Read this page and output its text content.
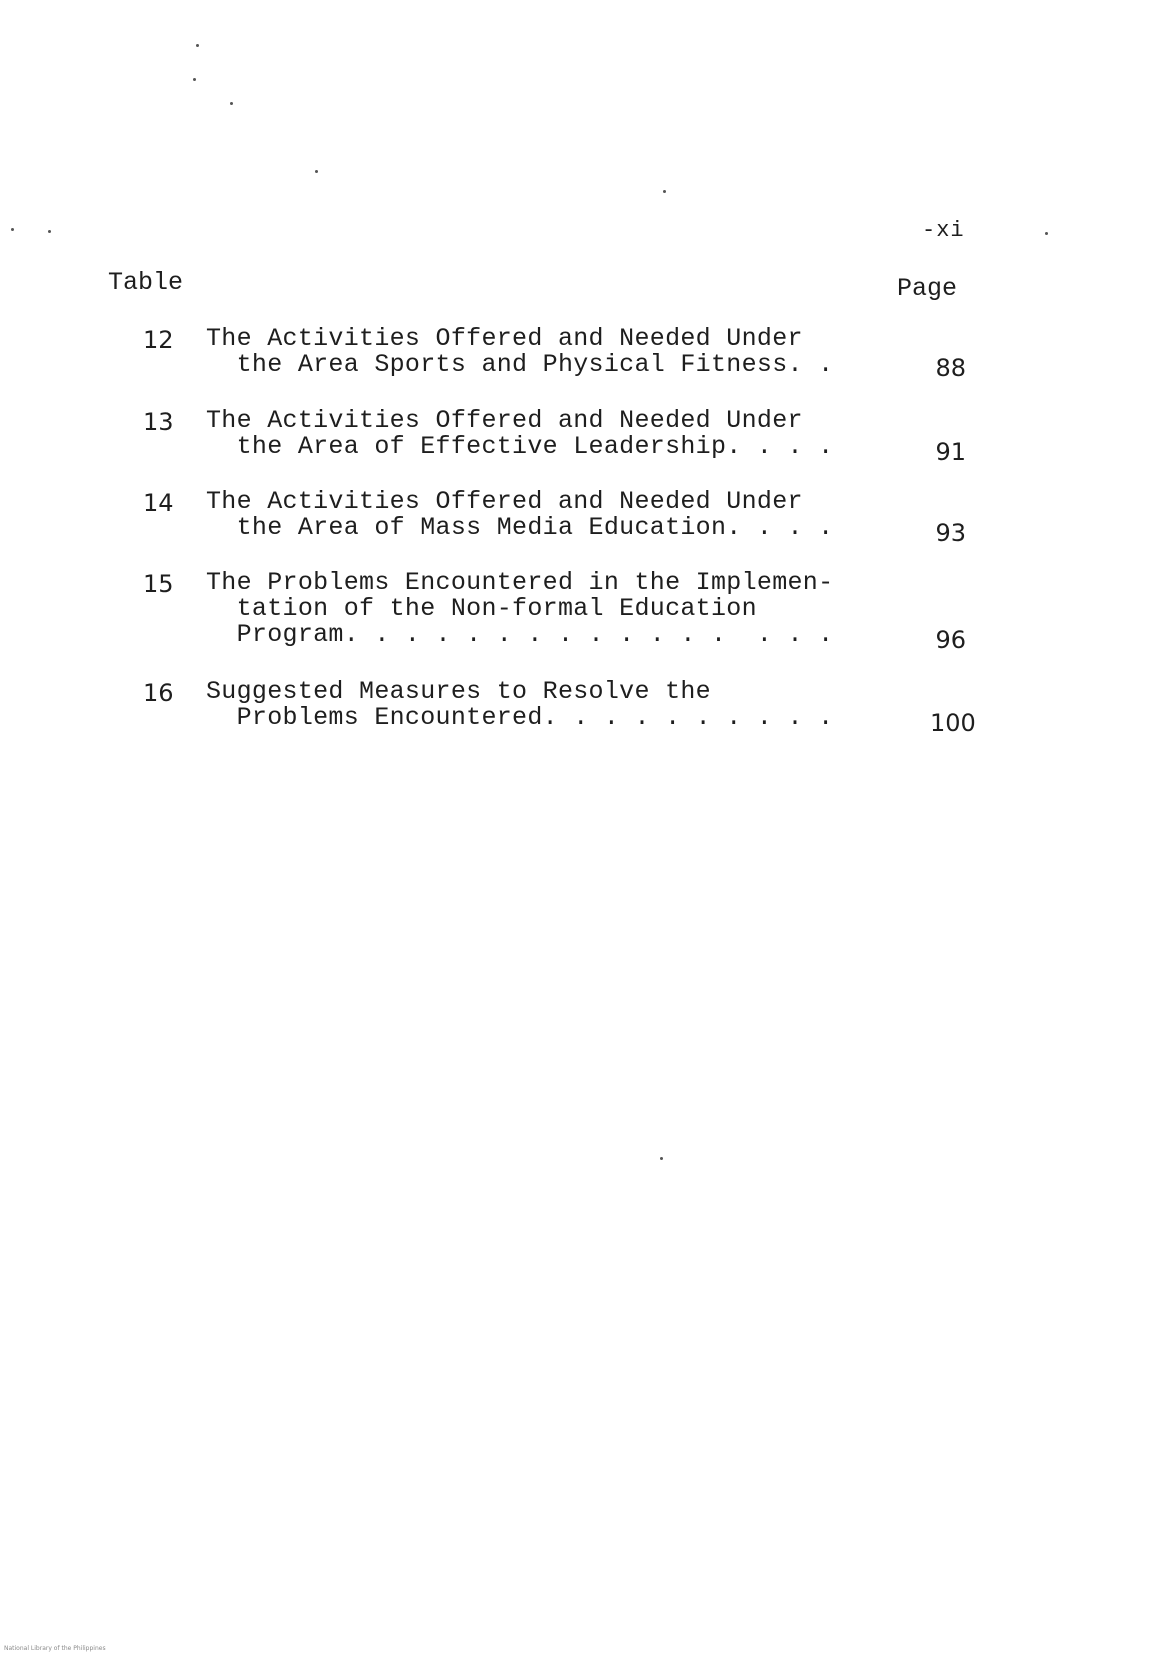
-xi
Table	Page
12 The Activities Offered and Needed Under
the Area Sports and Physical Fitness. .	88
13 The Activities Offered and Needed Under
the Area of Effective Leadership. . . .	91
14 The Activities Offered and Needed Under
the Area of Mass Media Education. . . .	93
15 The Problems Encountered in the Implemen-
tation of the Non-formal Education
Program. . . . . . . . . . . . .  . . .	96
16 Suggested Measures to Resolve the
Problems Encountered. . . . . . . . . .	100
National Library of the Philippines
